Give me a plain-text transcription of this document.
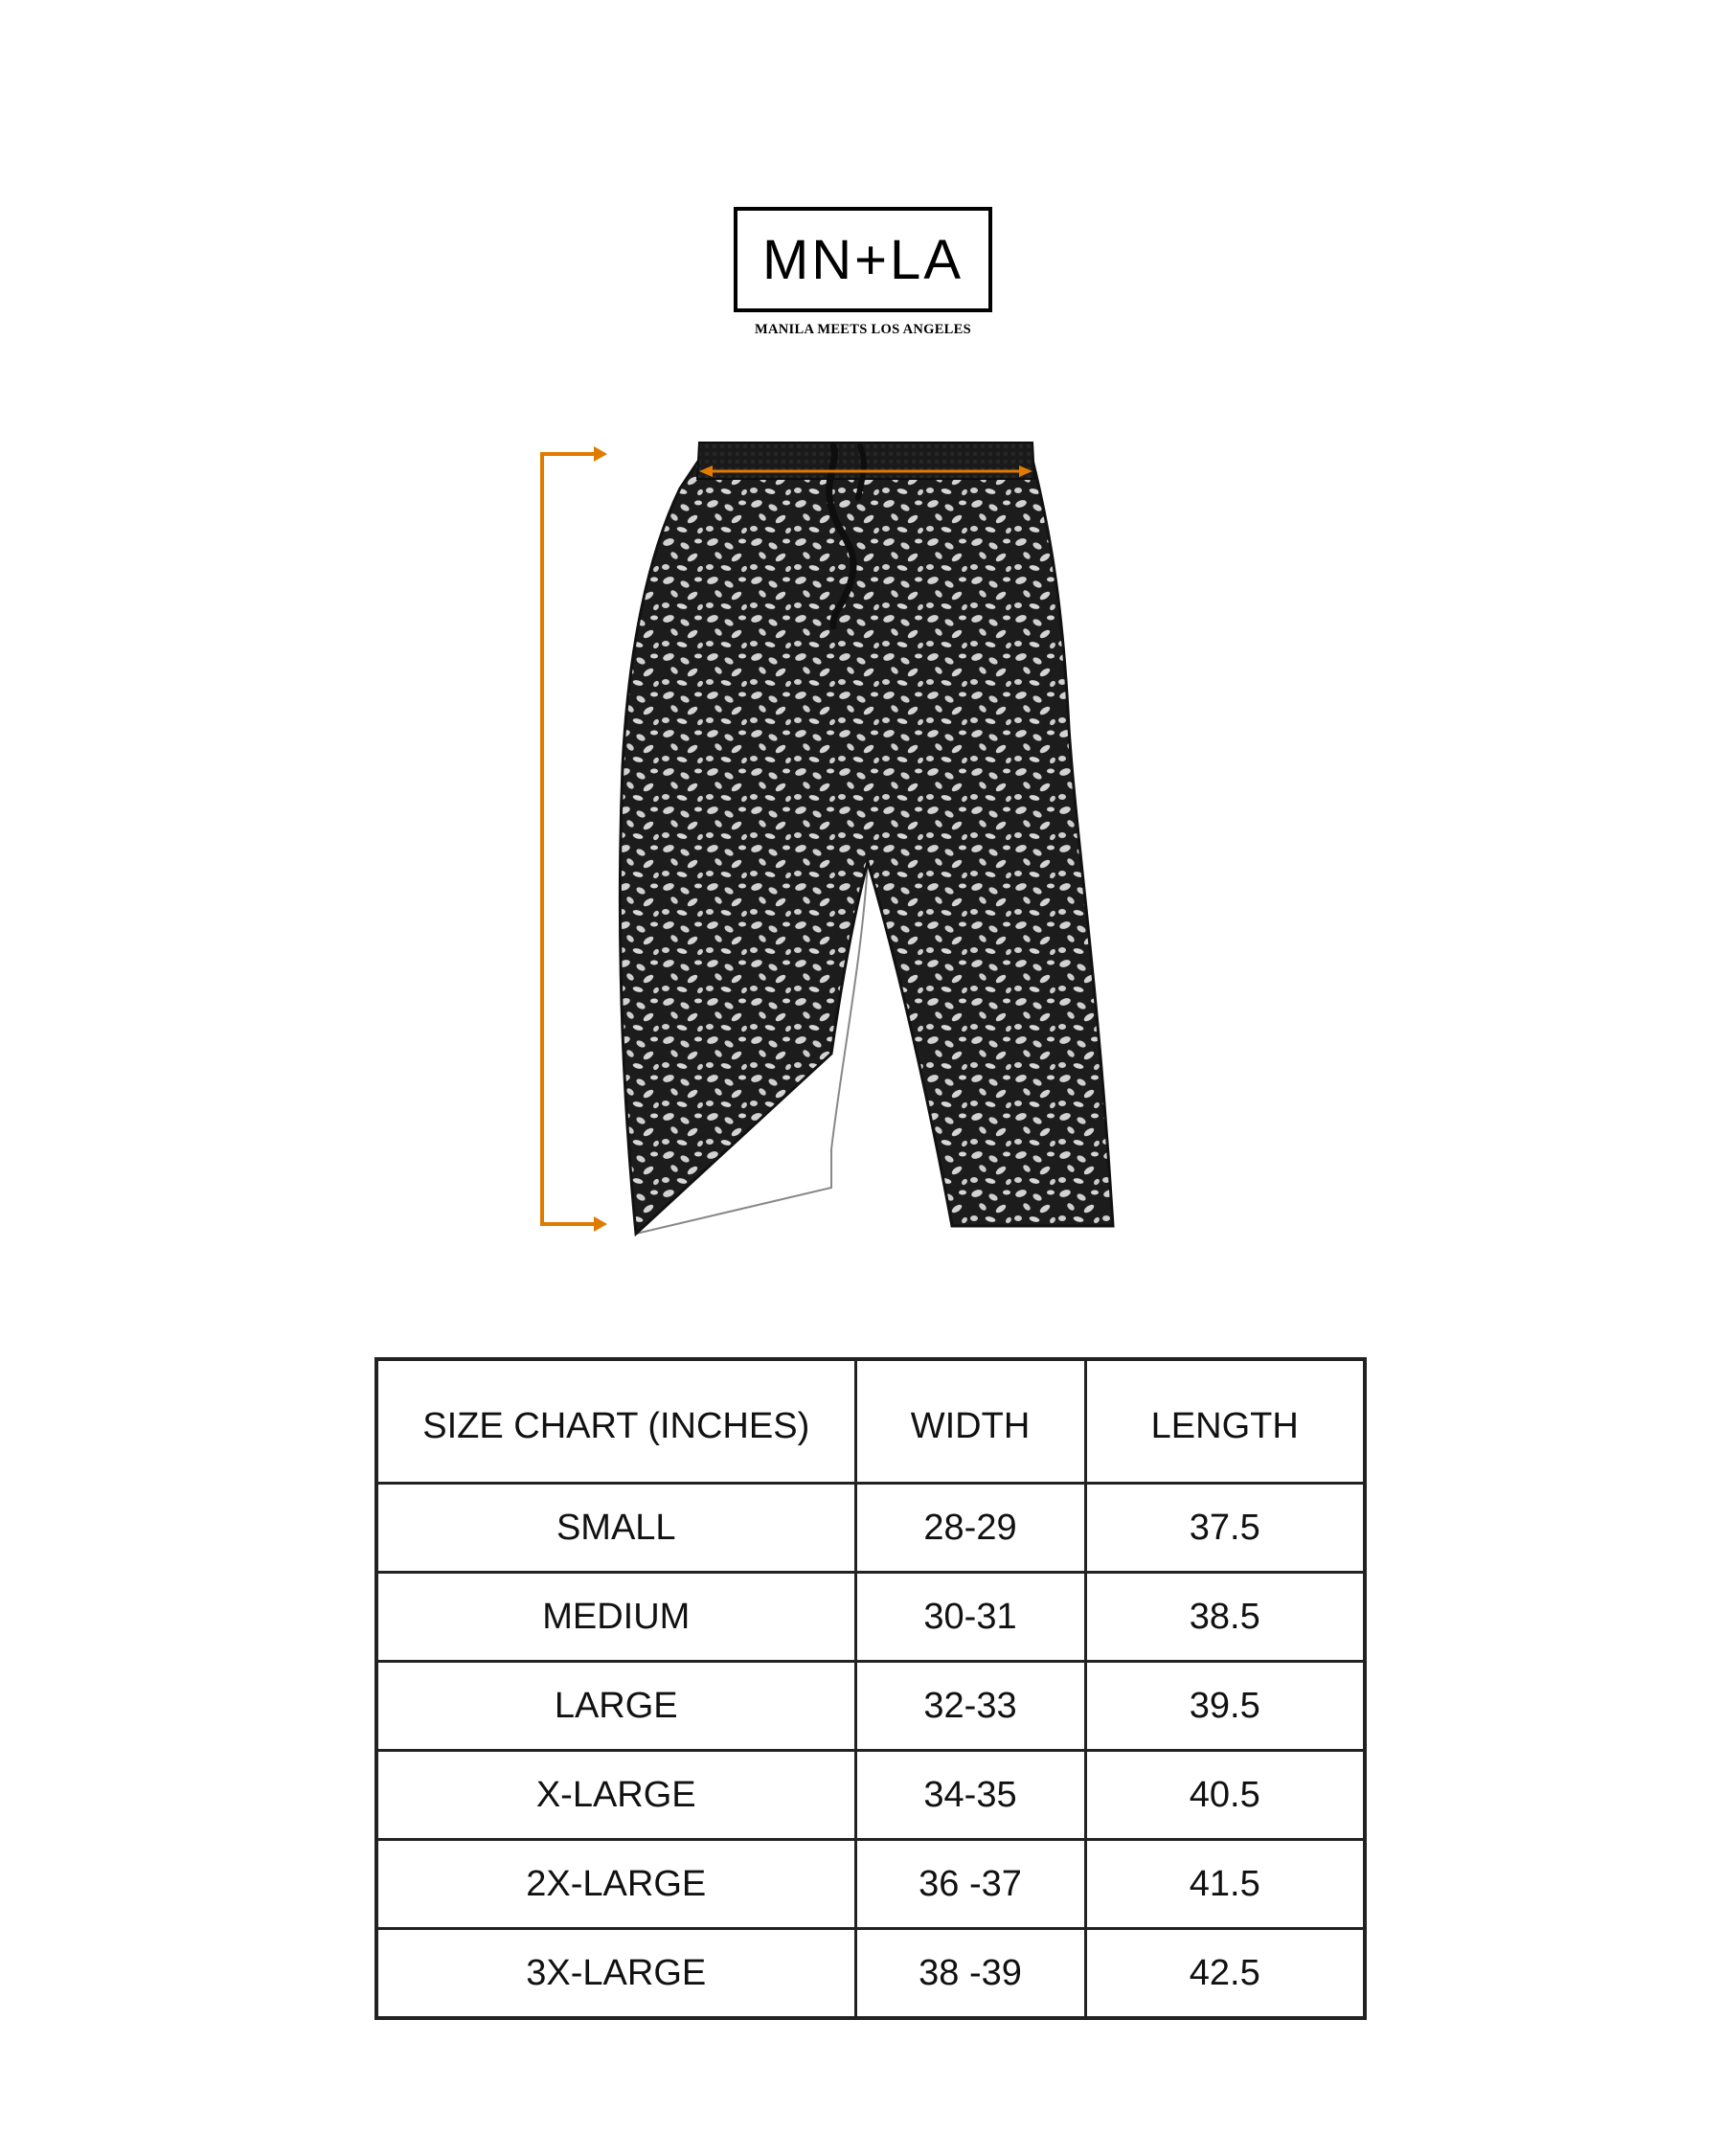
MN+LA
MANILA MEETS LOS ANGELES
SIZE CHART (INCHES)	WIDTH	LENGTH
SMALL	28-29	37.5
MEDIUM	30-31	38.5
LARGE	32-33	39.5
X-LARGE	34-35	40.5
2X-LARGE	36 -37	41.5
3X-LARGE	38 -39	42.5
